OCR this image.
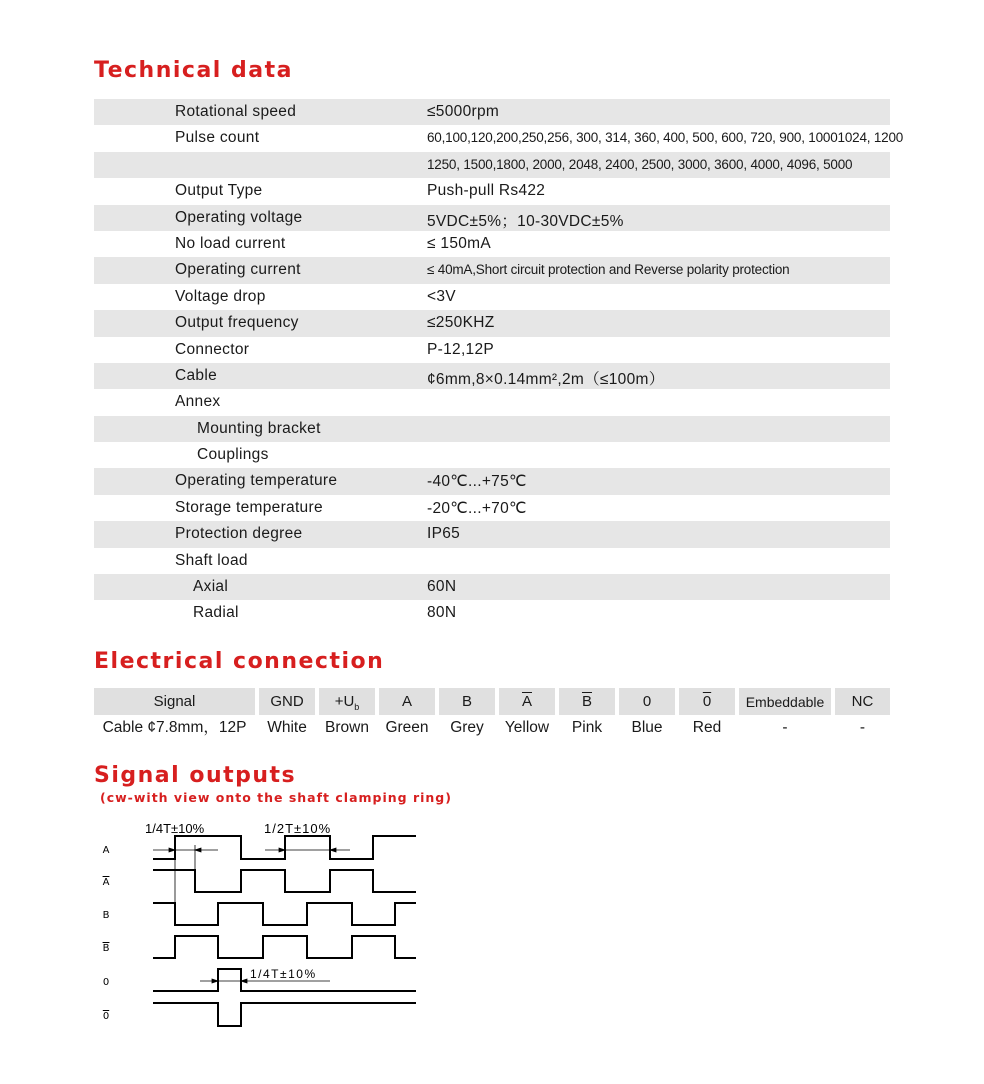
Technical data
Rotational speed	≤5000rpm
Pulse count	60,100,120,200,250,256, 300, 314, 360, 400, 500, 600, 720, 900, 10001024, 1200
1250, 1500,1800, 2000, 2048, 2400, 2500, 3000, 3600, 4000, 4096, 5000
Output Type	Push-pull Rs422
Operating voltage	5VDC±5%；10-30VDC±5%
No load current	≤ 150mA
Operating current	≤ 40mA,Short circuit protection and Reverse polarity protection
Voltage drop	<3V
Output frequency	≤250KHZ
Connector	P-12,12P
Cable	¢6mm,8×0.14mm²,2m（≤100m）
Annex
Mounting bracket
Couplings
Operating temperature	-40℃...+75℃
Storage temperature	-20℃...+70℃
Protection degree	IP65
Shaft load
Axial	60N
Radial	80N
Electrical connection
Signal	GND	$+U_b$	A	B	$\overline{A}$	$\overline{B}$	0	0	Embeddable	NC
Cable ¢7.8mm，12P	White	Brown	Green	Grey	Yellow	Pink	Blue	Red	-	-
Signal outputs
(cw-with view onto the shaft clamping ring)
1/4T±10%	1/2T±10%
1/4T±10%
A
A
B
B
0
0
